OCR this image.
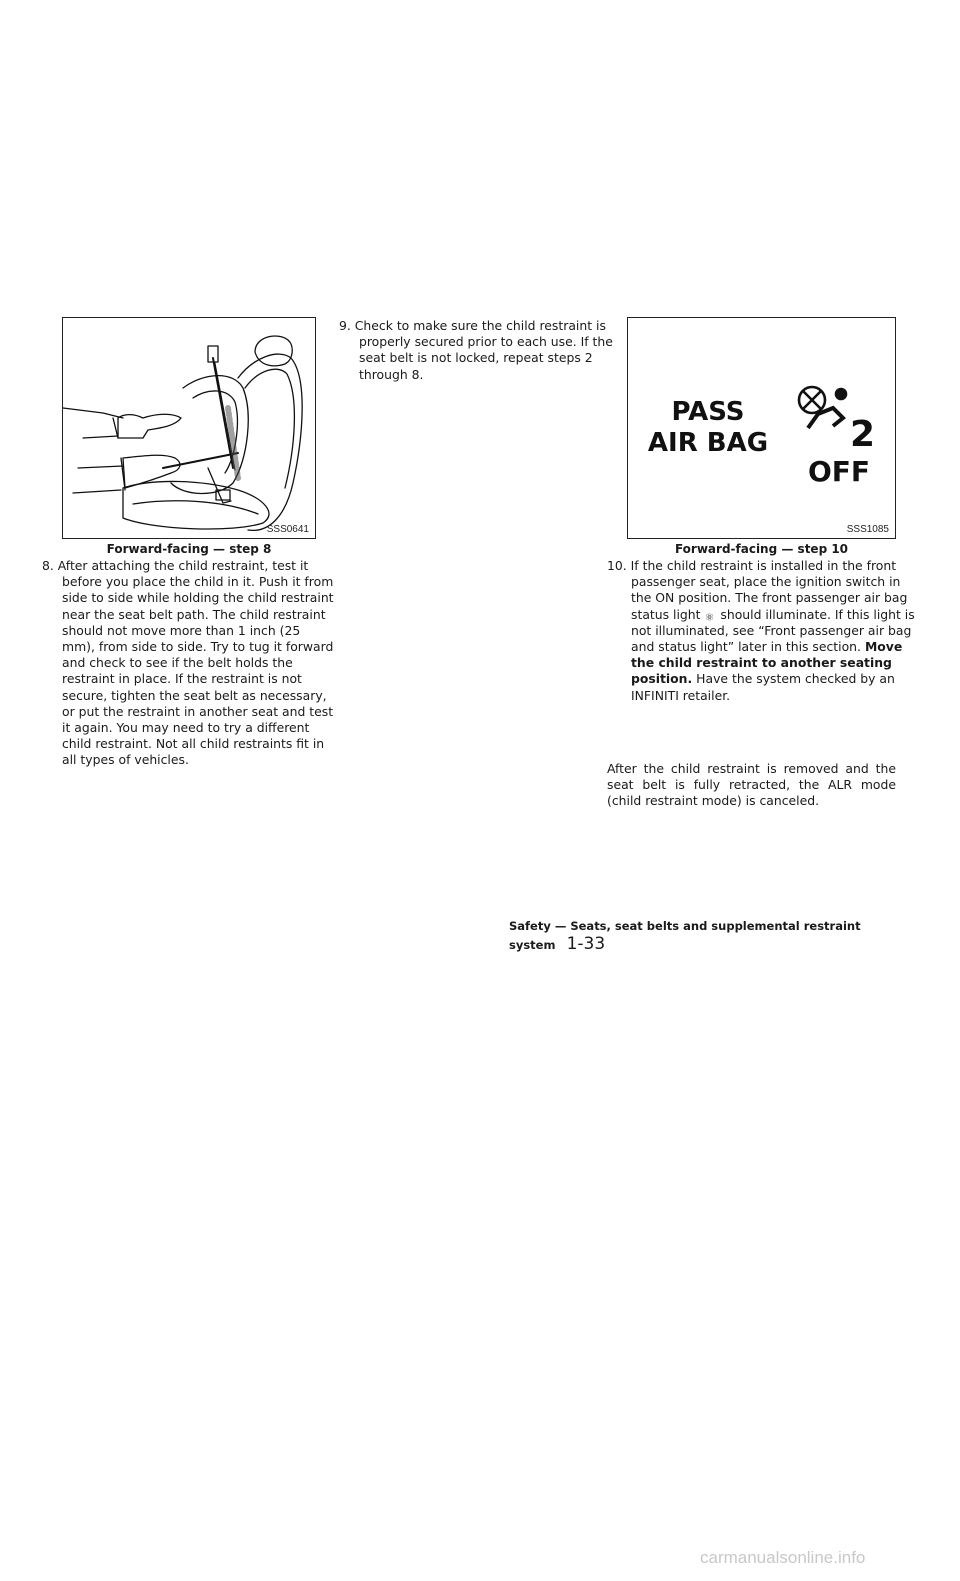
SSS0641
Forward-facing — step 8
8. After attaching the child restraint, test it before you place the child in it. Push it from side to side while holding the child restraint near the seat belt path. The child restraint should not move more than 1 inch (25 mm), from side to side. Try to tug it forward and check to see if the belt holds the restraint in place. If the restraint is not secure, tighten the seat belt as necessary, or put the restraint in another seat and test it again. You may need to try a different child restraint. Not all child restraints fit in all types of vehicles.
9. Check to make sure the child restraint is properly secured prior to each use. If the seat belt is not locked, repeat steps 2 through 8.
PASS
AIR BAG 2
OFF
SSS1085
Forward-facing — step 10
10. If the child restraint is installed in the front passenger seat, place the ignition switch in the ON position. The front passenger air bag status light ⚛ should illuminate. If this light is not illuminated, see “Front passenger air bag and status light” later in this section. Move the child restraint to another seating position. Have the system checked by an INFINITI retailer.
After the child restraint is removed and the seat belt is fully retracted, the ALR mode (child restraint mode) is canceled.
Safety — Seats, seat belts and supplemental restraint system 1-33
carmanualsonline.info
